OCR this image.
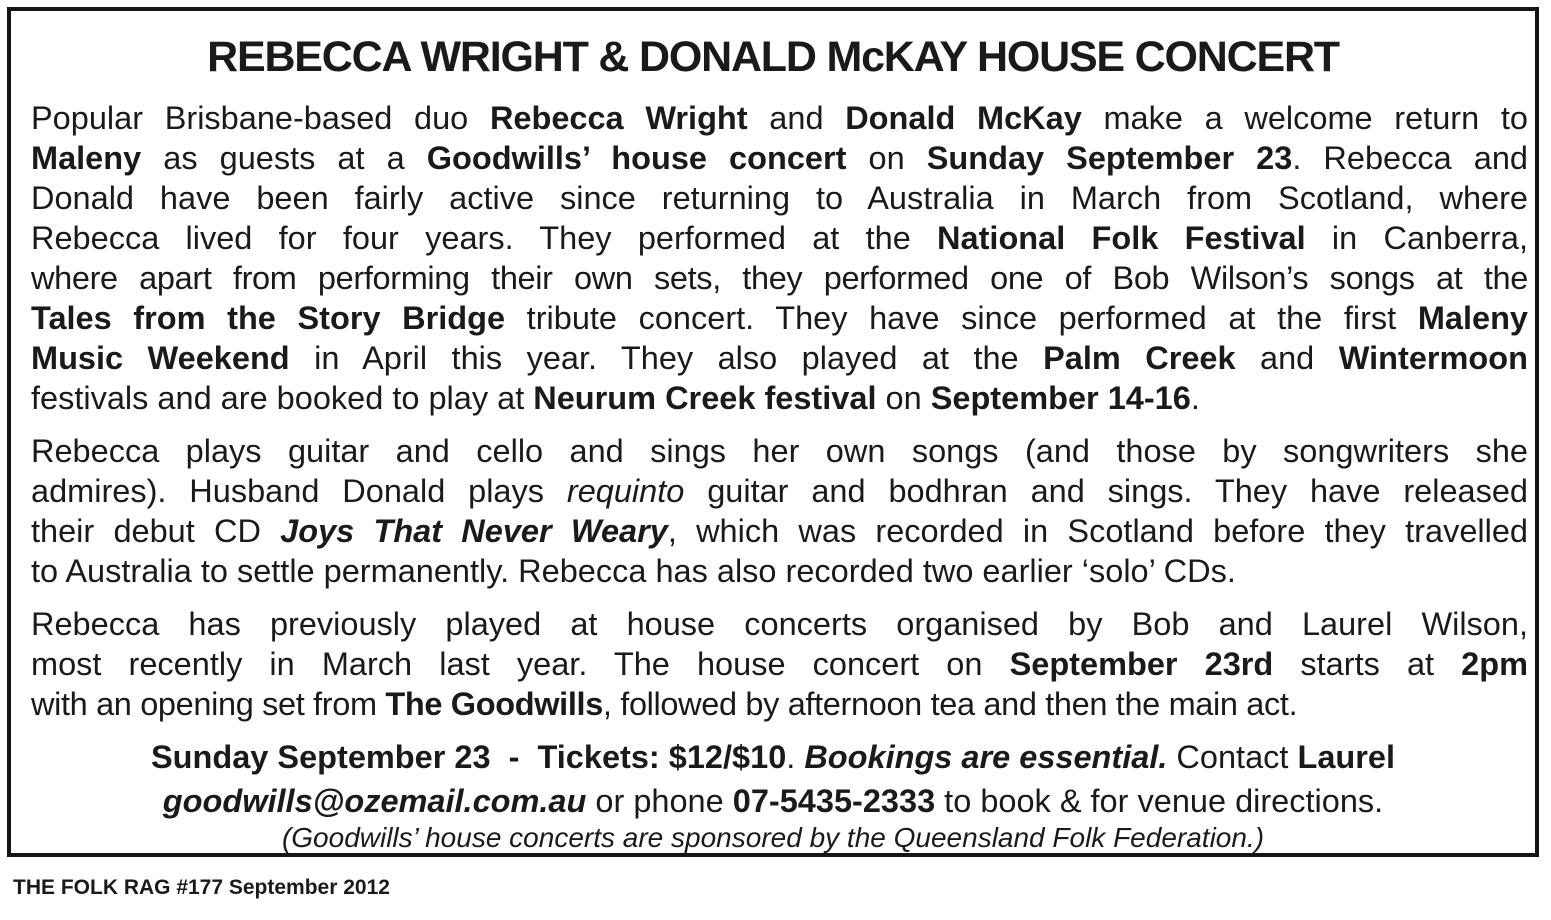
REBECCA WRIGHT & DONALD McKAY HOUSE CONCERT
Popular Brisbane-based duo Rebecca Wright and Donald McKay make a welcome return to
Maleny as guests at a Goodwills’ house concert on Sunday September 23. Rebecca and
Donald have been fairly active since returning to Australia in March from Scotland, where
Rebecca lived for four years. They performed at the National Folk Festival in Canberra,
where apart from performing their own sets, they performed one of Bob Wilson’s songs at the
Tales from the Story Bridge tribute concert. They have since performed at the first Maleny
Music Weekend in April this year. They also played at the Palm Creek and Wintermoon
festivals and are booked to play at Neurum Creek festival on September 14-16.
Rebecca plays guitar and cello and sings her own songs (and those by songwriters she
admires). Husband Donald plays requinto guitar and bodhran and sings. They have released
their debut CD Joys That Never Weary, which was recorded in Scotland before they travelled
to Australia to settle permanently. Rebecca has also recorded two earlier ‘solo’ CDs.
Rebecca has previously played at house concerts organised by Bob and Laurel Wilson,
most recently in March last year. The house concert on September 23rd starts at 2pm
with an opening set from The Goodwills, followed by afternoon tea and then the main act.
Sunday September 23  -  Tickets: $12/$10. Bookings are essential. Contact Laurel
goodwills@ozemail.com.au or phone 07-5435-2333 to book & for venue directions.
(Goodwills’ house concerts are sponsored by the Queensland Folk Federation.)
THE FOLK RAG #177 September 2012
